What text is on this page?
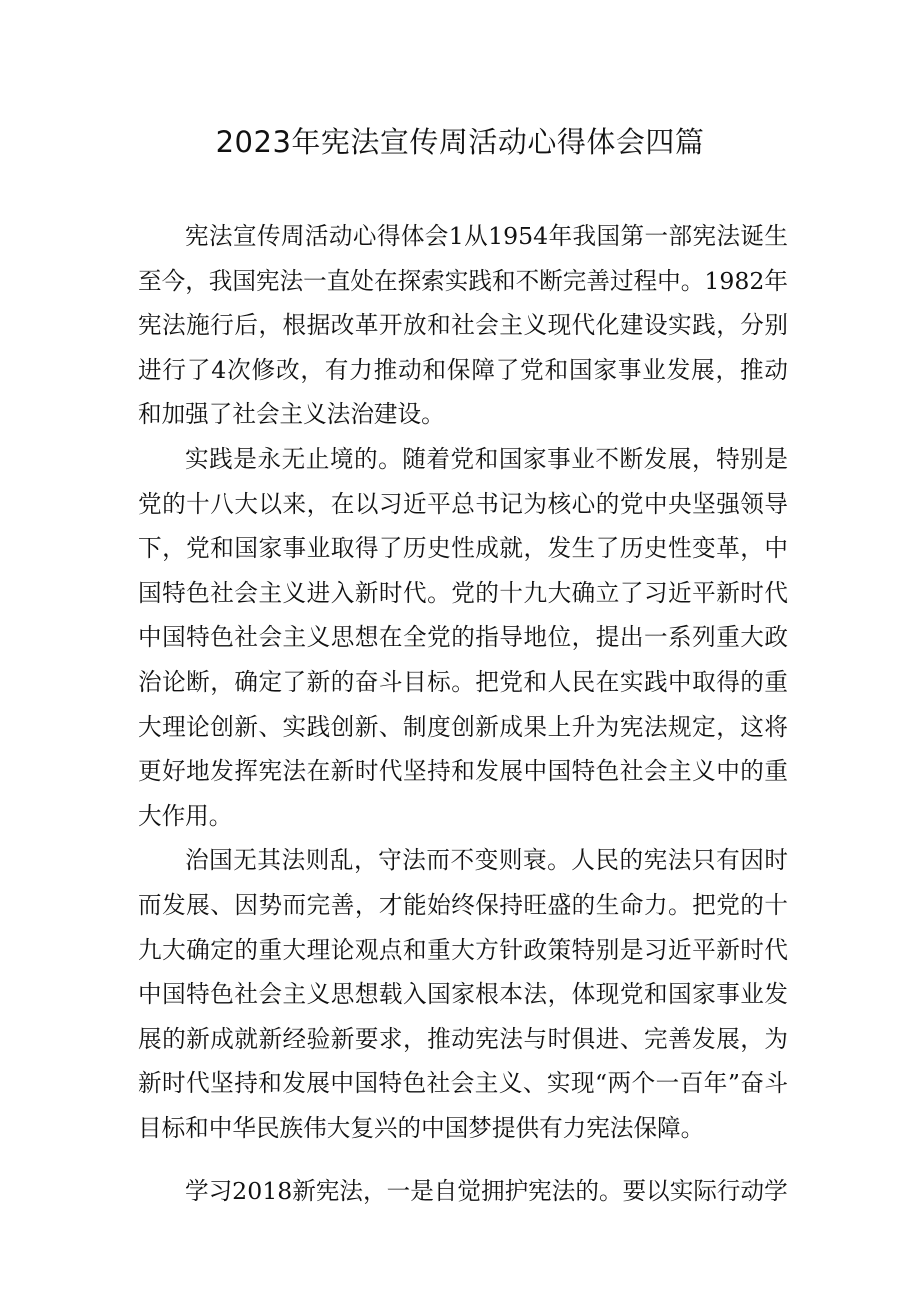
2023年宪法宣传周活动心得体会四篇

宪法宣传周活动心得体会1从1954年我国第一部宪法诞生至今，我国宪法一直处在探索实践和不断完善过程中。1982年宪法施行后，根据改革开放和社会主义现代化建设实践，分别进行了4次修改，有力推动和保障了党和国家事业发展，推动和加强了社会主义法治建设。

实践是永无止境的。随着党和国家事业不断发展，特别是党的十八大以来，在以习近平总书记为核心的党中央坚强领导下，党和国家事业取得了历史性成就，发生了历史性变革，中国特色社会主义进入新时代。党的十九大确立了习近平新时代中国特色社会主义思想在全党的指导地位，提出一系列重大政治论断，确定了新的奋斗目标。把党和人民在实践中取得的重大理论创新、实践创新、制度创新成果上升为宪法规定，这将更好地发挥宪法在新时代坚持和发展中国特色社会主义中的重大作用。

治国无其法则乱，守法而不变则衰。人民的宪法只有因时而发展、因势而完善，才能始终保持旺盛的生命力。把党的十九大确定的重大理论观点和重大方针政策特别是习近平新时代中国特色社会主义思想载入国家根本法，体现党和国家事业发展的新成就新经验新要求，推动宪法与时俱进、完善发展，为新时代坚持和发展中国特色社会主义、实现“两个一百年”奋斗目标和中华民族伟大复兴的中国梦提供有力宪法保障。

学习2018新宪法，一是自觉拥护宪法的。要以实际行动学
